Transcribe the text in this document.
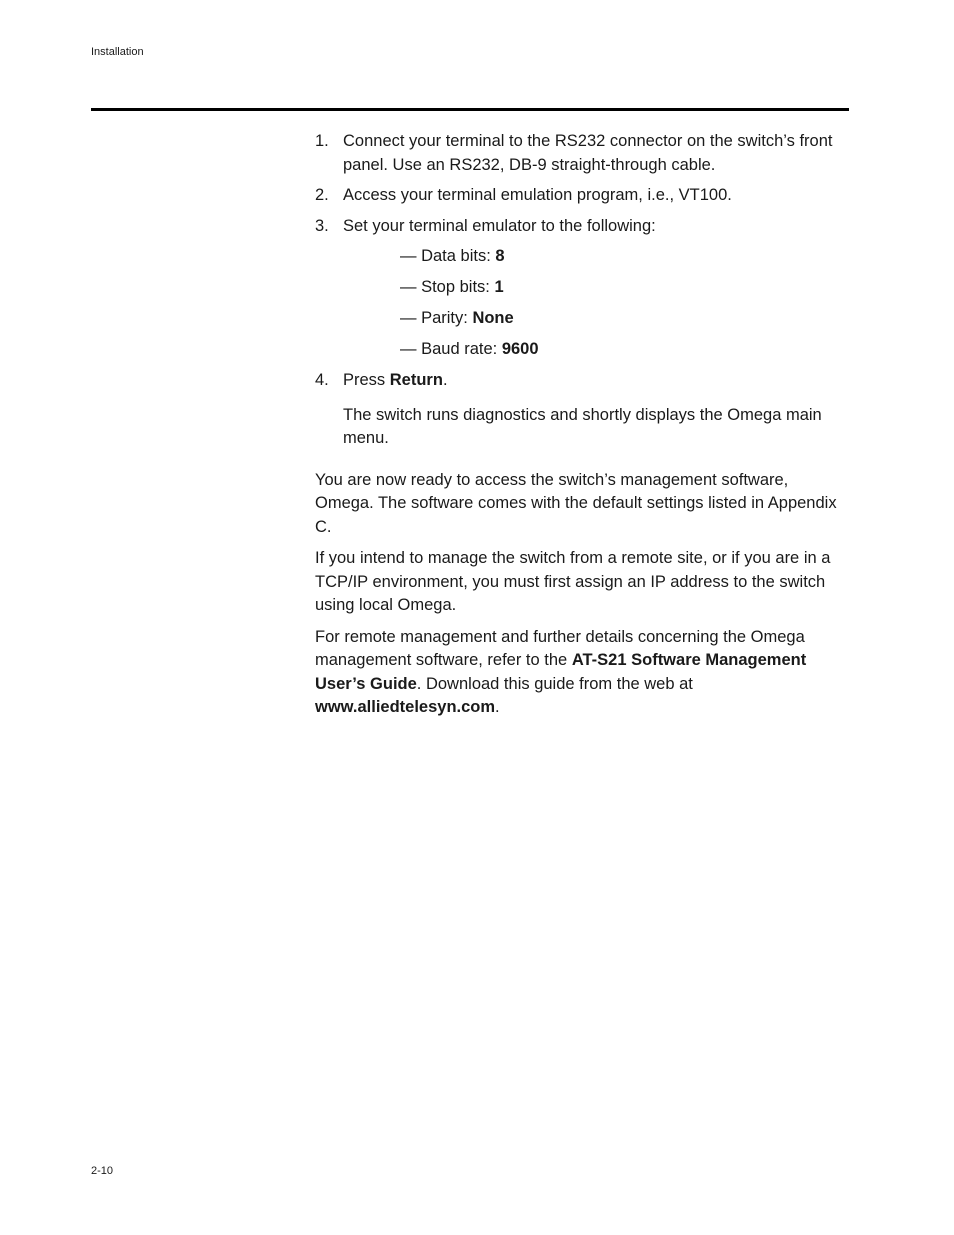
Installation
1. Connect your terminal to the RS232 connector on the switch’s front panel. Use an RS232, DB-9 straight-through cable.
2. Access your terminal emulation program, i.e., VT100.
3. Set your terminal emulator to the following:
— Data bits: 8
— Stop bits: 1
— Parity: None
— Baud rate: 9600
4. Press Return.
The switch runs diagnostics and shortly displays the Omega main menu.
You are now ready to access the switch’s management software, Omega. The software comes with the default settings listed in Appendix C.
If you intend to manage the switch from a remote site, or if you are in a TCP/IP environment, you must first assign an IP address to the switch using local Omega.
For remote management and further details concerning the Omega management software, refer to the AT-S21 Software Management User’s Guide. Download this guide from the web at www.alliedtelesyn.com.
2-10
